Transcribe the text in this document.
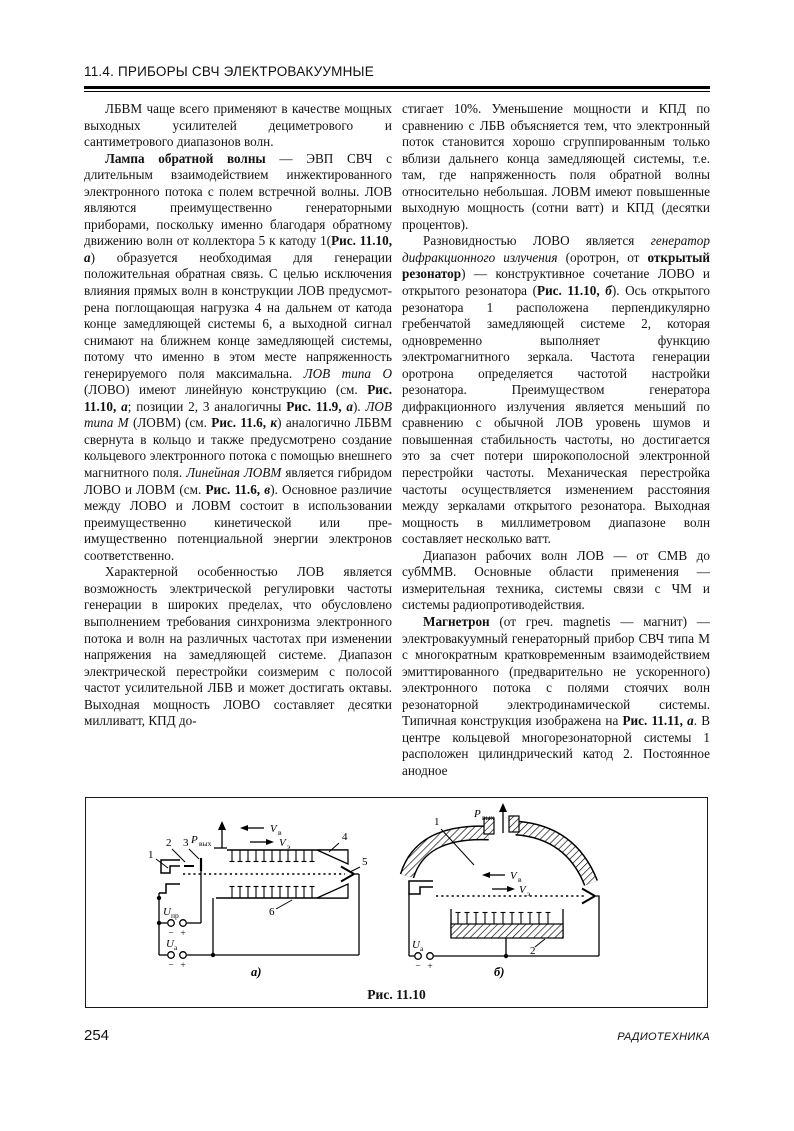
11.4. ПРИБОРЫ СВЧ ЭЛЕКТРОВАКУУМНЫЕ

ЛБВМ чаще всего применяют в качестве мощных выходных усилителей дециметрового и сантиметрового диапазонов волн.

Лампа обратной волны — ЭВП СВЧ с длительным взаимодействием инжектированного электронного потока с полем встречной волны. ЛОВ являются преимущественно генераторными приборами, поскольку именно благодаря обратному движению волн от коллектора 5 к катоду 1(Рис. 11.10, а) образуется необходимая для генерации положительная обратная связь. С целью исключения влияния прямых волн в конструкции ЛОВ предусмотрена поглощающая нагрузка 4 на дальнем от катода конце замедляющей системы 6, а выходной сигнал снимают на ближнем конце замедляющей системы, потому что именно в этом месте напряженность генерируемого поля максимальна. ЛОВ типа О (ЛОВО) имеют линейную конструкцию (см. Рис. 11.10, а; позиции 2, 3 аналогичны Рис. 11.9, а). ЛОВ типа М (ЛОВМ) (см. Рис. 11.6, к) аналогично ЛБВМ свернута в кольцо и также предусмотрено создание кольцевого электронного потока с помощью внешнего магнитного поля. Линейная ЛОВМ является гибридом ЛОВО и ЛОВМ (см. Рис. 11.6, в). Основное различие между ЛОВО и ЛОВМ состоит в использовании преимущественно кинетической или преимущественно потенциальной энергии электронов соответственно.

Характерной особенностью ЛОВ является возможность электрической регулировки частоты генерации в широких пределах, что обусловлено выполнением требования синхронизма электронного потока и волн на различных частотах при изменении напряжения на замедляющей системе. Диапазон электрической перестройки соизмерим с полосой частот усилительной ЛБВ и может достигать октавы. Выходная мощность ЛОВО составляет десятки милливатт, КПД до-

стигает 10%. Уменьшение мощности и КПД по сравнению с ЛБВ объясняется тем, что электронный поток становится хорошо сгруппированным только вблизи дальнего конца замедляющей системы, т.е. там, где напряженность поля обратной волны относительно небольшая. ЛОВМ имеют повышенные выходную мощность (сотни ватт) и КПД (десятки процентов).

Разновидностью ЛОВО является генератор дифракционного излучения (оротрон, от открытый резонатор) — конструктивное сочетание ЛОВО и открытого резонатора (Рис. 11.10, б). Ось открытого резонатора 1 расположена перпендикулярно гребенчатой замедляющей системе 2, которая одновременно выполняет функцию электромагнитного зеркала. Частота генерации оротрона определяется частотой настройки резонатора. Преимуществом генератора дифракционного излучения является меньший по сравнению с обычной ЛОВ уровень шумов и повышенная стабильность частоты, но достигается это за счет потери широкополосной электронной перестройки частоты. Механическая перестройка частоты осуществляется изменением расстояния между зеркалами открытого резонатора. Выходная мощность в миллиметровом диапазоне волн составляет несколько ватт.

Диапазон рабочих волн ЛОВ — от СМВ до субММВ. Основные области применения — измерительная техника, системы связи с ЧМ и системы радиопротиводействия.

Магнетрон (от греч. magnetis — магнит) — электровакуумный генераторный прибор СВЧ типа М с многократным кратковременным взаимодействием эмиттированного (предварительно не ускоренного) электронного потока с полями стоячих волн резонаторной электродинамической системы. Типичная конструкция изображена на Рис. 11.11, а. В центре кольцевой многорезонаторной системы 1 расположен цилиндрический катод 2. Постоянное анодное

1
2 3 P вых
V в
V э
4
5
6
U пр
− +
U а
− +	а)
1
P вых
V в
V э
2
U а
− +	б)
Рис. 11.10
254	РАДИОТЕХНИКА
